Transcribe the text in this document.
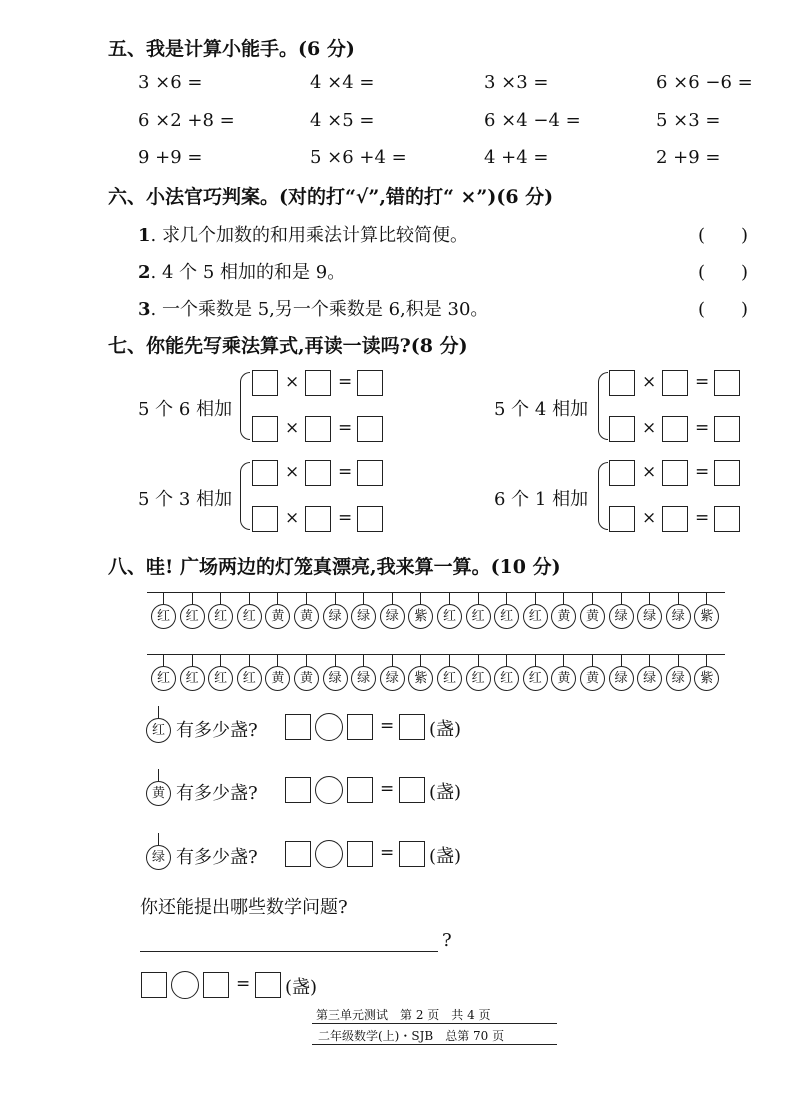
五、我是计算小能手。(6 分)
3 ×6 =	4 ×4 =	3 ×3 =	6 ×6 −6 =
6 ×2 +8 =	4 ×5 =	6 ×4 −4 =	5 ×3 =
9 +9 =	5 ×6 +4 =	4 +4 =	2 +9 =
六、小法官巧判案。(对的打“√”,错的打“ ×”)(6 分)
1. 求几个加数的和用乘法计算比较简便。	(　　)
2. 4 个 5 相加的和是 9。	(　　)
3. 一个乘数是 5,另一个乘数是 6,积是 30。	(　　)
七、你能先写乘法算式,再读一读吗?(8 分)
5 个 6 相加
× =
× =
5 个 4 相加
× =
× =
5 个 3 相加
× =
× =
6 个 1 相加
× =
× =
八、哇! 广场两边的灯笼真漂亮,我来算一算。(10 分)
红	红	红	红	黄	黄	绿	绿	绿	紫	红	红	红	红	黄	黄	绿	绿	绿	紫
红	红	红	红	黄	黄	绿	绿	绿	紫	红	红	红	红	黄	黄	绿	绿	绿	紫
红 有多少盏?	= (盏)
黄 有多少盏?	= (盏)
绿 有多少盏?	= (盏)
你还能提出哪些数学问题?
?
= (盏)
第三单元测试　第 2 页　共 4 页
二年级数学(上)・SJB　总第 70 页
